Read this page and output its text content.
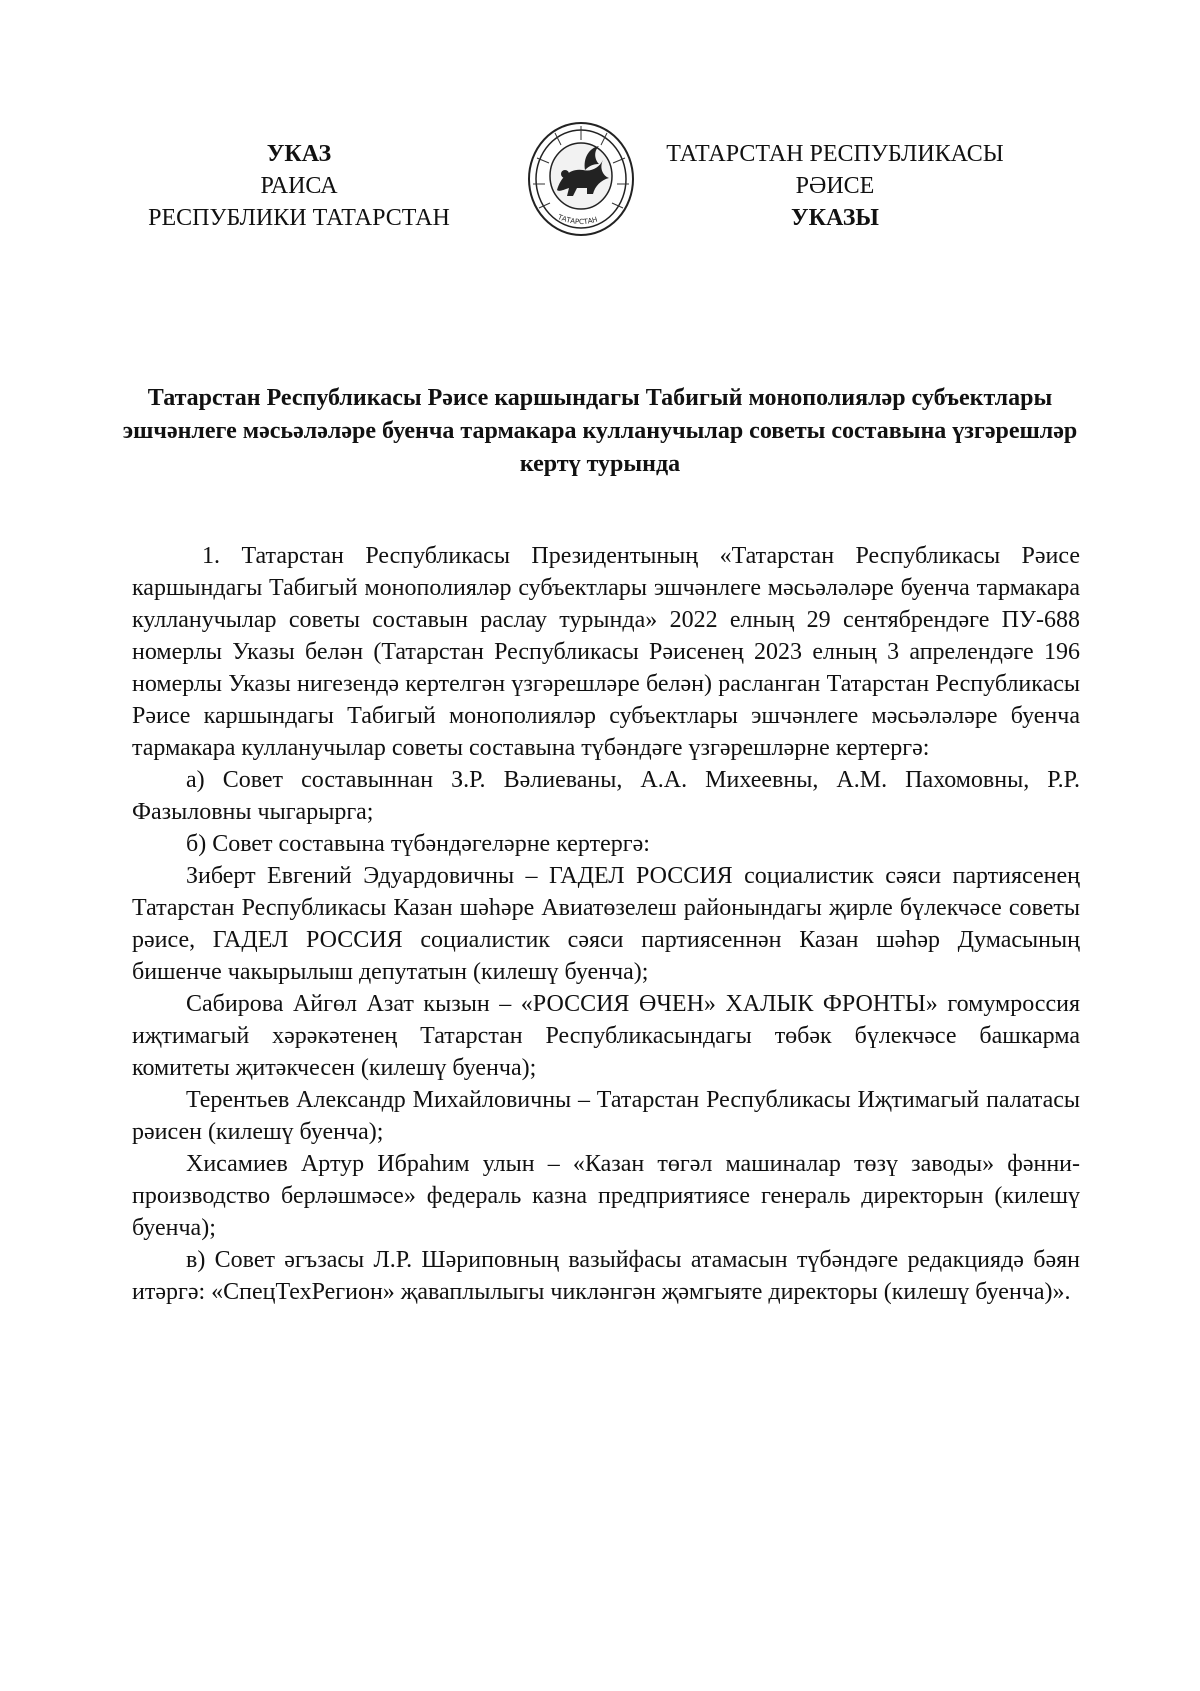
УКАЗ
РАИСА
РЕСПУБЛИКИ ТАТАРСТАН	ТАТАРСТАН
ТАТАРСТАН РЕСПУБЛИКАСЫ
РӘИСЕ
УКАЗЫ
Татарстан Республикасы Рәисе каршындагы Табигый монополияләр субъектлары эшчәнлеге мәсьәләләре буенча тармакара кулланучылар советы составына үзгәрешләр кертү турында

1. Татарстан Республикасы Президентының «Татарстан Республикасы Рәисе каршындагы Табигый монополияләр субъектлары эшчәнлеге мәсьәләләре буенча тармакара кулланучылар советы составын раслау турында» 2022 елның 29 сентябрендәге ПУ-688 номерлы Указы белән (Татарстан Республикасы Рәисенең 2023 елның 3 апрелендәге 196 номерлы Указы нигезендә кертелгән үзгәрешләре белән) расланган Татарстан Республикасы Рәисе каршындагы Табигый монополияләр субъектлары эшчәнлеге мәсьәләләре буенча тармакара кулланучылар советы составына түбәндәге үзгәрешләрне кертергә:

а) Совет составыннан З.Р. Вәлиеваны, А.А. Михеевны, А.М. Пахомовны, Р.Р. Фазыловны чыгарырга;

б) Совет составына түбәндәгеләрне кертергә:

Зиберт Евгений Эдуардовичны – ГАДЕЛ РОССИЯ социалистик сәяси партиясенең Татарстан Республикасы Казан шәһәре Авиатөзелеш районындагы җирле бүлекчәсе советы рәисе, ГАДЕЛ РОССИЯ социалистик сәяси партиясеннән Казан шәһәр Думасының бишенче чакырылыш депутатын (килешү буенча);

Сабирова Айгөл Азат кызын – «РОССИЯ ӨЧЕН» ХАЛЫК ФРОНТЫ» гомумроссия иҗтимагый хәрәкәтенең Татарстан Республикасындагы төбәк бүлекчәсе башкарма комитеты җитәкчесен (килешү буенча);

Терентьев Александр Михайловичны – Татарстан Республикасы Иҗтимагый палатасы рәисен (килешү буенча);

Хисамиев Артур Ибраһим улын – «Казан төгәл машиналар төзү заводы» фәнни-производство берләшмәсе» федераль казна предприятиясе генераль директорын (килешү буенча);

в) Совет әгъзасы Л.Р. Шәриповның вазыйфасы атамасын түбәндәге редакциядә бәян итәргә: «СпецТехРегион» җаваплылыгы чикләнгән җәмгыяте директоры (килешү буенча)».
